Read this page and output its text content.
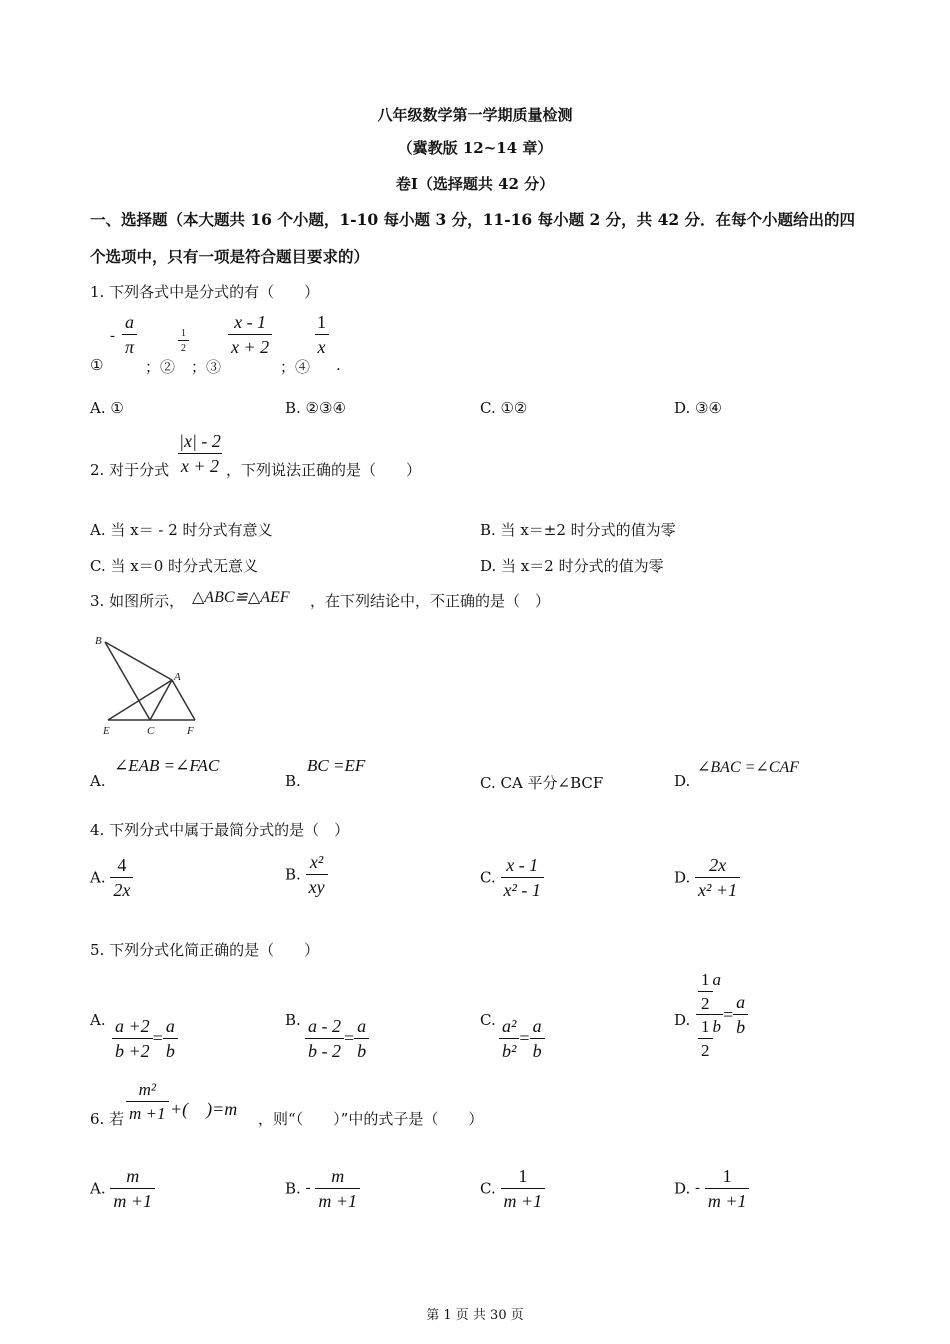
八年级数学第一学期质量检测
（冀教版 12~14 章）
卷Ⅰ（选择题共 42 分）
一、选择题（本大题共 16 个小题，1-10 每小题 3 分，11-16 每小题 2 分，共 42 分．在每个小题给出的四
个选项中，只有一项是符合题目要求的）
1. 下列各式中是分式的有（　　）
①
- $\frac{a}{\pi}$
；②
$\frac{1}{2}$
；③
$\frac{x - 1}{x + 2}$
；④
$\frac{1}{x}$
.
A. ①	B. ②③④	C. ①②	D. ③④
2. 对于分式 $\frac{|x| - 2}{x + 2}$ ，下列说法正确的是（　　）
A. 当 x＝ - 2 时分式有意义	B. 当 x＝±2 时分式的值为零
C. 当 x＝0 时分式无意义	D. 当 x＝2 时分式的值为零
3. 如图所示， △ABC≌△AEF ，在下列结论中，不正确的是（　）
B
A
E	C	F
A.
∠EAB =∠FAC
B.
BC =EF
C. CA 平分∠BCF	D.
∠BAC =∠CAF
4. 下列分式中属于最简分式的是（　）
A. $\frac{4}{2x}$	B. $\frac{\text{x²}}{xy}$	C. $\frac{x - 1}{\text{x² - 1}}$	D. $\frac{2x}{\text{x² +1}}$
5. 下列分式化简正确的是（　　）
A. $\frac{a +2}{b +2} = \frac{a}{b}$	B. $\frac{a - 2}{b - 2} = \frac{a}{b}$	C. $\frac{\text{a²}}{\text{b²}} = \frac{a}{b}$	D. $\frac{\frac{1}{2} a}{\frac{1}{2} b} = \frac{a}{b}$
6. 若 $\frac{\text{m²}}{m +1}$ +(　)=m ，则“（　　）”中的式子是（　　）
A. $\frac{m}{m +1}$	B. - $\frac{m}{m +1}$	C. $\frac{1}{m +1}$	D. - $\frac{1}{m +1}$
第 1 页 共 30 页
